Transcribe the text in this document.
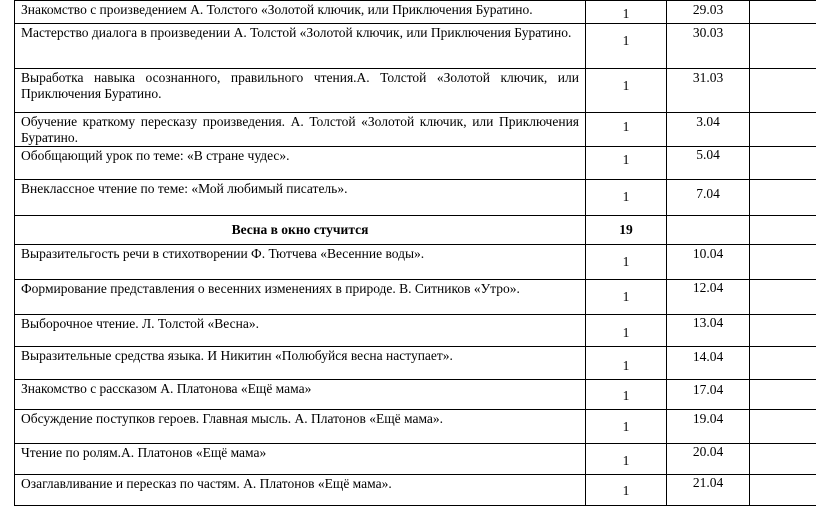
Знакомство с произведением А. Толстого «Золотой ключик, или Приключения Буратино.	1	29.03	

Мастерство диалога в произведении А. Толстой «Золотой ключик, или Приключения Буратино.	1	30.03	

Выработка навыка осознанного, правильного чтения.А. Толстой «Золотой ключик, или Приключения Буратино.	1	31.03	

Обучение краткому пересказу произведения. А. Толстой «Золотой ключик, или Приключения Буратино.	1	3.04	

Обобщающий урок по теме: «В стране чудес».	1	5.04	

Внеклассное чтение по теме: «Мой любимый писатель».	1	7.04	

Весна в окно стучится	19		

Выразительгость речи в стихотворении Ф. Тютчева «Весенние воды».	1	10.04	

Формирование представления о весенних изменениях в природе. В. Ситников «Утро».	1	12.04	

Выборочное чтение. Л. Толстой «Весна».	1	13.04	

Выразительные средства языка. И Никитин «Полюбуйся весна наступает».	1	14.04	

Знакомство с рассказом А. Платонова «Ещё мама»	1	17.04	

Обсуждение поступков героев. Главная мысль. А. Платонов «Ещё мама».	1	19.04	

Чтение по ролям.А. Платонов «Ещё мама»	1	20.04	

Озаглавливание и пересказ по частям. А. Платонов «Ещё мама».	1	21.04	
